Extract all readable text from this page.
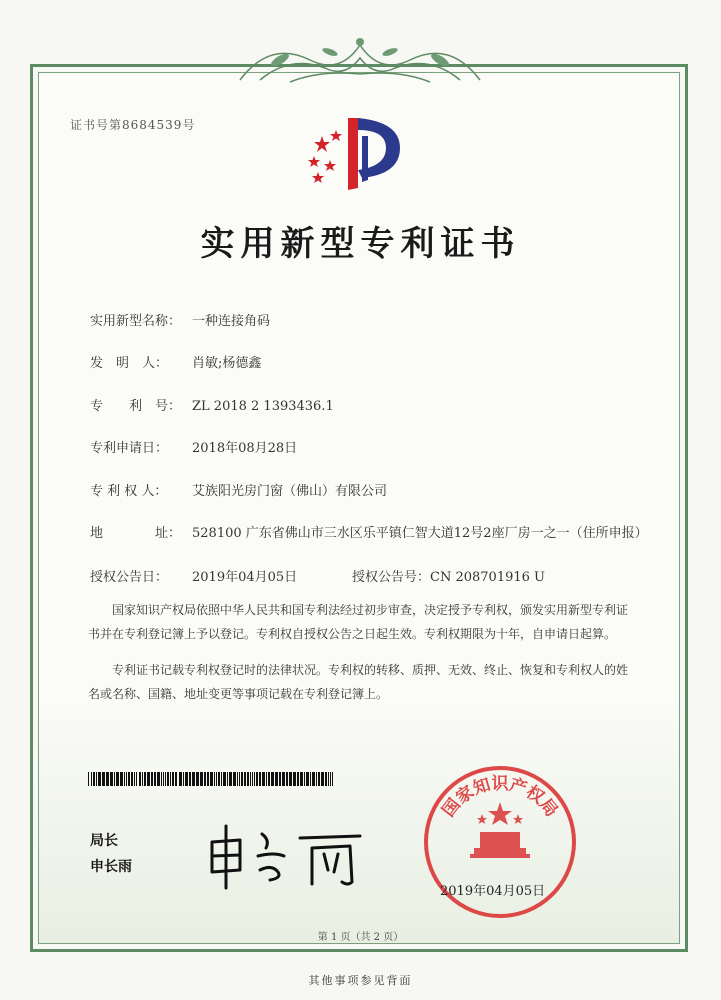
证书号第8684539号
实用新型专利证书
实用新型名称： 一种连接角码
发　明　人： 肖敏;杨德鑫
专　　利　号： ZL 2018 2 1393436.1
专利申请日： 2018年08月28日
专 利 权 人： 艾族阳光房门窗（佛山）有限公司
地　　　　址： 528100 广东省佛山市三水区乐平镇仁智大道12号2座厂房一之一（住所申报）
授权公告日： 2019年04月05日	授权公告号：CN 208701916 U
国家知识产权局依照中华人民共和国专利法经过初步审查，决定授予专利权，颁发实用新型专利证书并在专利登记簿上予以登记。专利权自授权公告之日起生效。专利权期限为十年，自申请日起算。
专利证书记载专利权登记时的法律状况。专利权的转移、质押、无效、终止、恢复和专利权人的姓名或名称、国籍、地址变更等事项记载在专利登记簿上。
局长
申长雨
国家知识产权局
2019年04月05日
第 1 页（共 2 页）
其他事项参见背面
